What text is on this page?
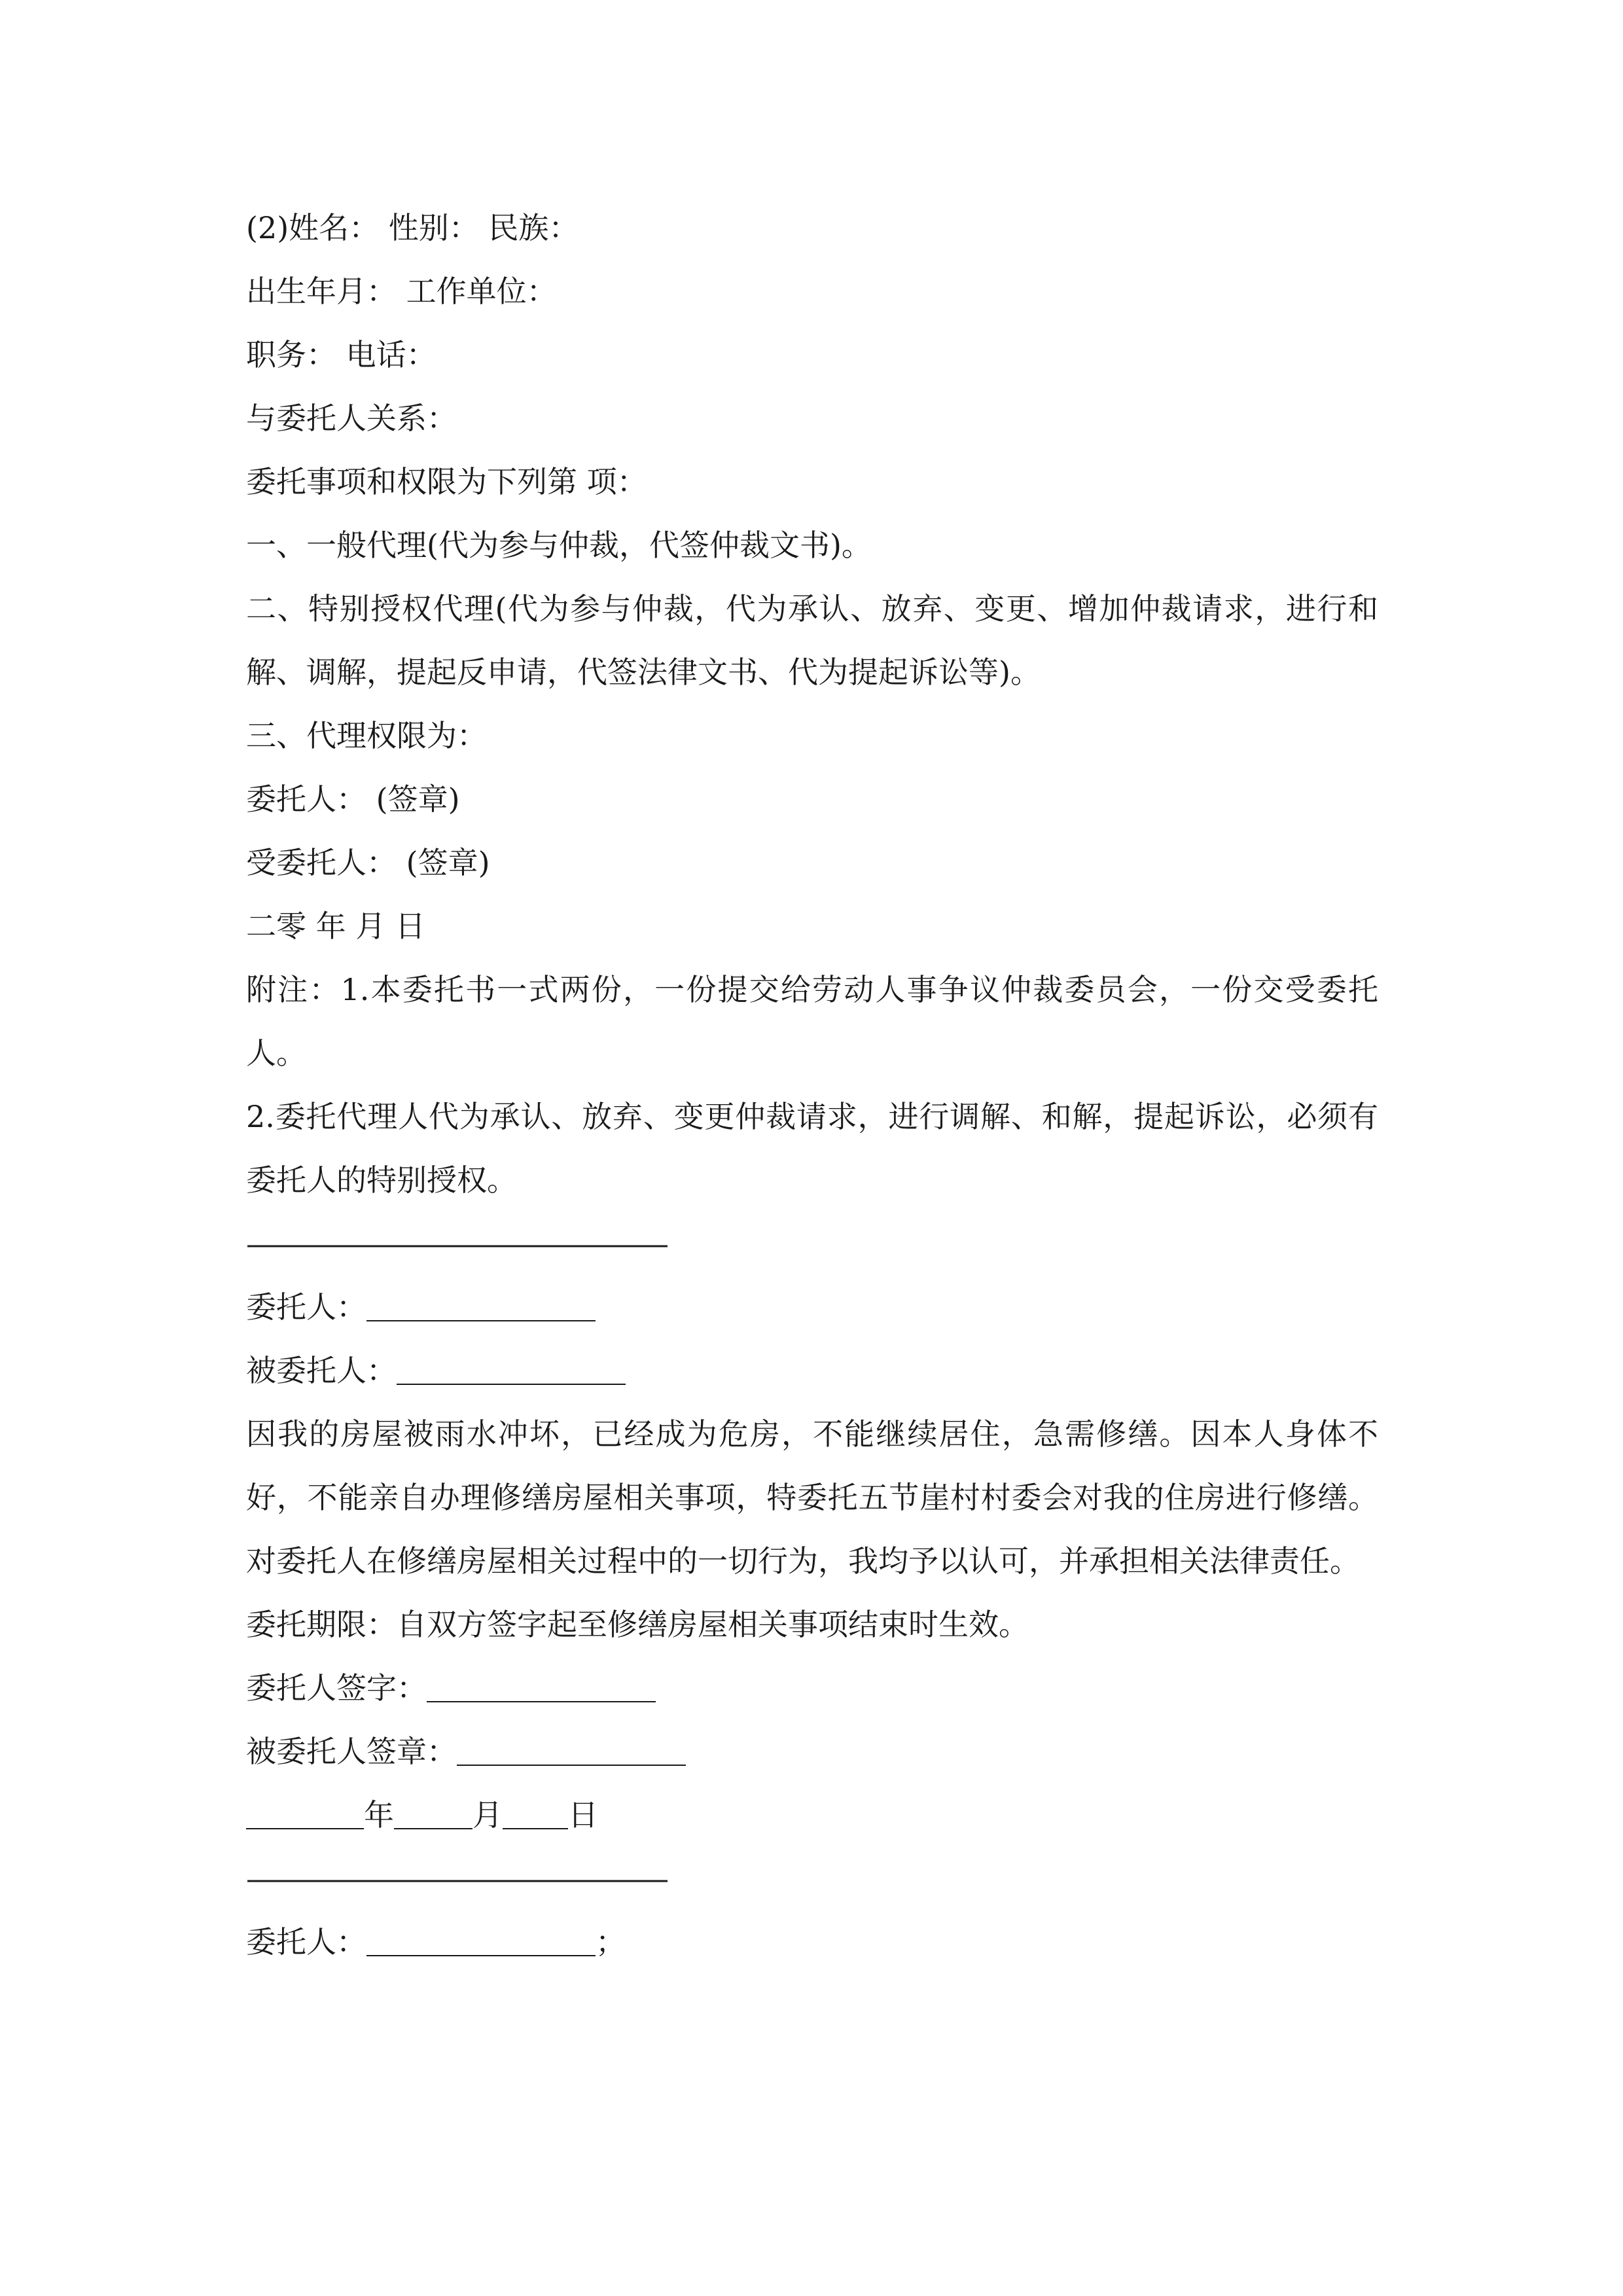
(2)姓名： 性别： 民族：
出生年月： 工作单位：
职务： 电话：
与委托人关系：
委托事项和权限为下列第 项：
一、一般代理(代为参与仲裁，代签仲裁文书)。
二、特别授权代理(代为参与仲裁，代为承认、放弃、变更、增加仲裁请求，进行和解、调解，提起反申请，代签法律文书、代为提起诉讼等)。
三、代理权限为：
委托人： (签章)
受委托人： (签章)
二零 年 月 日
附注：1.本委托书一式两份，一份提交给劳动人事争议仲裁委员会，一份交受委托人。
2.委托代理人代为承认、放弃、变更仲裁请求，进行调解、和解，提起诉讼，必须有委托人的特别授权。
————————————————
委托人：
被委托人：
因我的房屋被雨水冲坏，已经成为危房，不能继续居住，急需修缮。因本人身体不好，不能亲自办理修缮房屋相关事项，特委托五节崖村村委会对我的住房进行修缮。对委托人在修缮房屋相关过程中的一切行为，我均予以认可，并承担相关法律责任。
委托期限：自双方签字起至修缮房屋相关事项结束时生效。
委托人签字：
被委托人签章：
年	月 日
————————————————
委托人：	；
